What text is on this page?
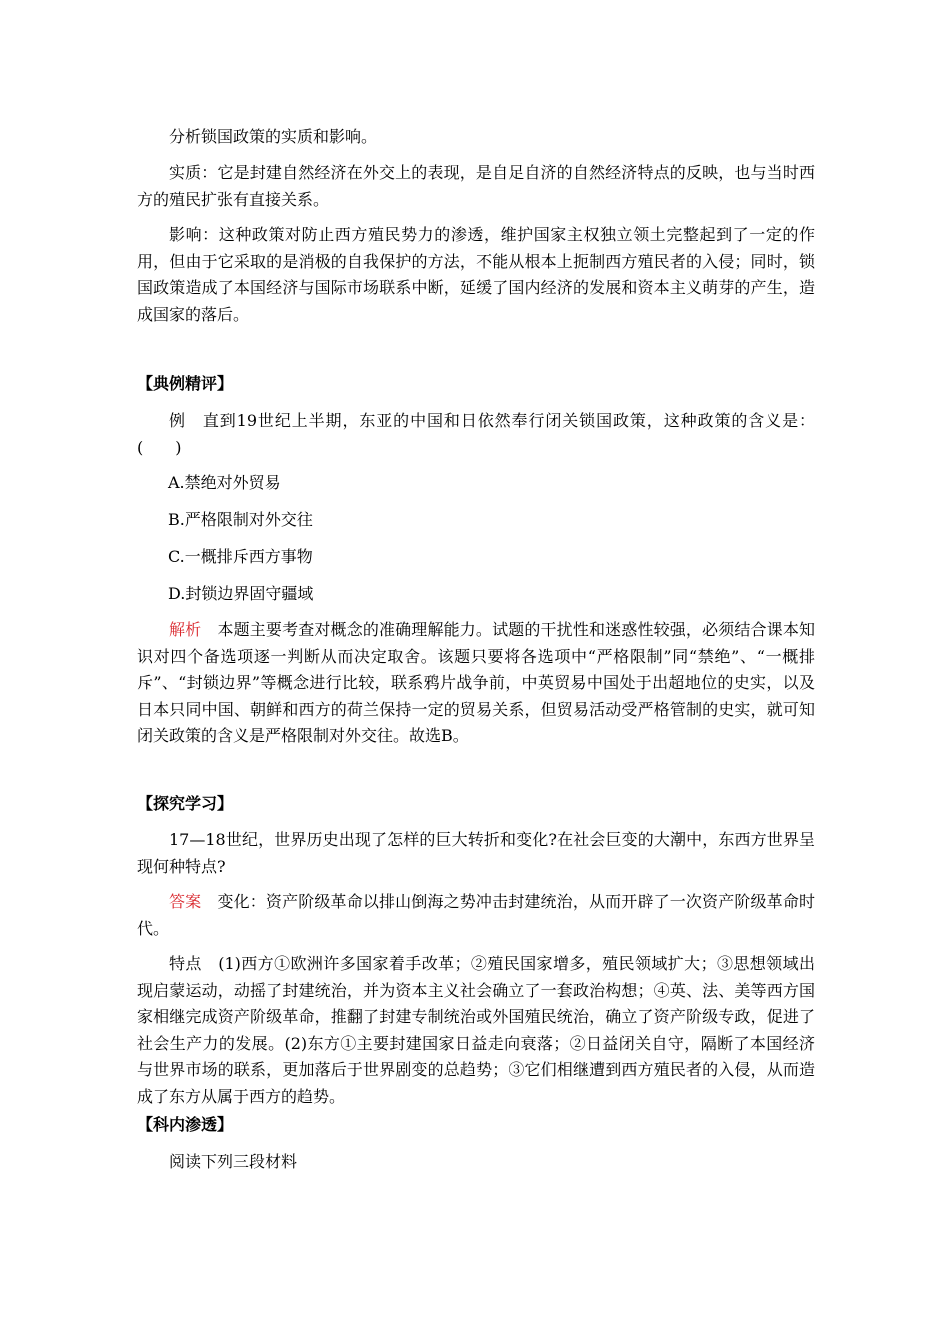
分析锁国政策的实质和影响。

实质：它是封建自然经济在外交上的表现，是自足自济的自然经济特点的反映，也与当时西方的殖民扩张有直接关系。

影响：这种政策对防止西方殖民势力的渗透，维护国家主权独立领土完整起到了一定的作用，但由于它采取的是消极的自我保护的方法，不能从根本上扼制西方殖民者的入侵；同时，锁国政策造成了本国经济与国际市场联系中断，延缓了国内经济的发展和资本主义萌芽的产生，造成国家的落后。

【典例精评】

例 直到19世纪上半期，东亚的中国和日依然奉行闭关锁国政策，这种政策的含义是：(　　)

A.禁绝对外贸易

B.严格限制对外交往

C.一概排斥西方事物

D.封锁边界固守疆域

解析 本题主要考查对概念的准确理解能力。试题的干扰性和迷惑性较强，必须结合课本知识对四个备选项逐一判断从而决定取舍。该题只要将各选项中“严格限制”同“禁绝”、“一概排斥”、“封锁边界”等概念进行比较，联系鸦片战争前，中英贸易中国处于出超地位的史实，以及日本只同中国、朝鲜和西方的荷兰保持一定的贸易关系，但贸易活动受严格管制的史实，就可知闭关政策的含义是严格限制对外交往。故选B。

【探究学习】

17—18世纪，世界历史出现了怎样的巨大转折和变化?在社会巨变的大潮中，东西方世界呈现何种特点?

答案 变化：资产阶级革命以排山倒海之势冲击封建统治，从而开辟了一次资产阶级革命时代。

特点　(1)西方①欧洲许多国家着手改革；②殖民国家增多，殖民领域扩大；③思想领域出现启蒙运动，动摇了封建统治，并为资本主义社会确立了一套政治构想；④英、法、美等西方国家相继完成资产阶级革命，推翻了封建专制统治或外国殖民统治，确立了资产阶级专政，促进了社会生产力的发展。(2)东方①主要封建国家日益走向衰落；②日益闭关自守，隔断了本国经济与世界市场的联系，更加落后于世界剧变的总趋势；③它们相继遭到西方殖民者的入侵，从而造成了东方从属于西方的趋势。

【科内渗透】

阅读下列三段材料
